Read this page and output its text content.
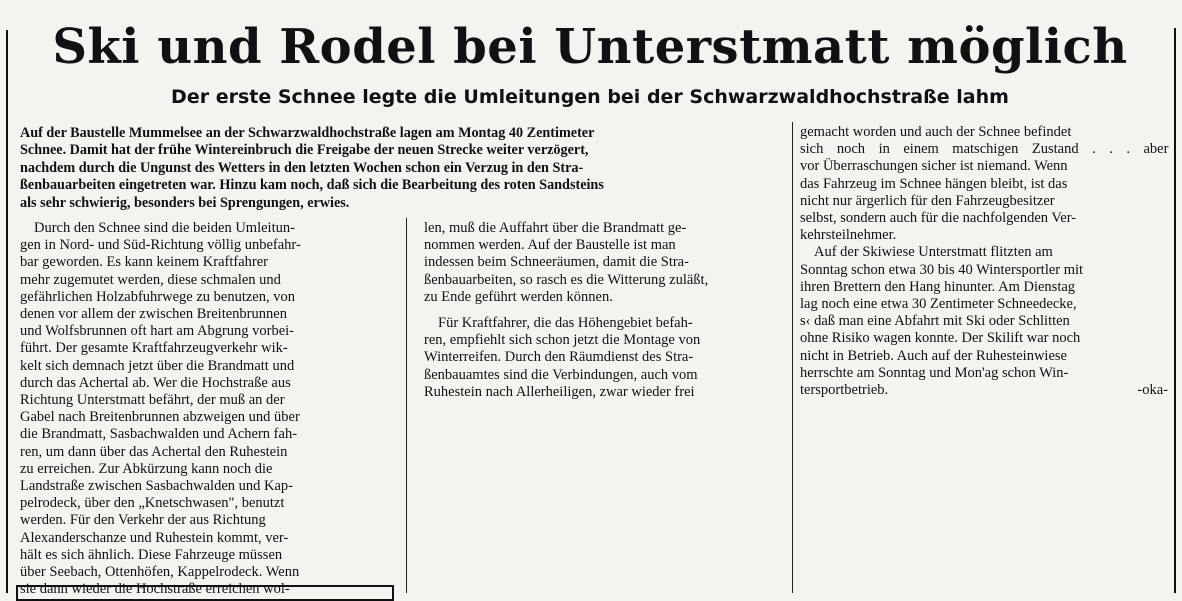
Ski und Rodel bei Unterstmatt möglich
Der erste Schnee legte die Umleitungen bei der Schwarzwaldhochstraße lahm
Auf der Baustelle Mummelsee an der Schwarzwaldhochstraße lagen am Montag 40 Zentimeter
Schnee. Damit hat der frühe Wintereinbruch die Freigabe der neuen Strecke weiter verzögert,
nachdem durch die Ungunst des Wetters in den letzten Wochen schon ein Verzug in den Stra-
ßenbauarbeiten eingetreten war. Hinzu kam noch, daß sich die Bearbeitung des roten Sandsteins
als sehr schwierig, besonders bei Sprengungen, erwies.
Durch den Schnee sind die beiden Umleitun-
gen in Nord- und Süd-Richtung völlig unbefahr-
bar geworden. Es kann keinem Kraftfahrer
mehr zugemutet werden, diese schmalen und
gefährlichen Holzabfuhrwege zu benutzen, von
denen vor allem der zwischen Breitenbrunnen
und Wolfsbrunnen oft hart am Abgrung vorbei-
führt. Der gesamte Kraftfahrzeugverkehr wik-
kelt sich demnach jetzt über die Brandmatt und
durch das Achertal ab. Wer die Hochstraße aus
Richtung Unterstmatt befährt, der muß an der
Gabel nach Breitenbrunnen abzweigen und über
die Brandmatt, Sasbachwalden und Achern fah-
ren, um dann über das Achertal den Ruhestein
zu erreichen. Zur Abkürzung kann noch die
Landstraße zwischen Sasbachwalden und Kap-
pelrodeck, über den „Knetschwasen", benutzt
werden. Für den Verkehr der aus Richtung
Alexanderschanze und Ruhestein kommt, ver-
hält es sich ähnlich. Diese Fahrzeuge müssen
über Seebach, Ottenhöfen, Kappelrodeck. Wenn
sie dann wieder die Hochstraße erreichen wol-
len, muß die Auffahrt über die Brandmatt ge-
nommen werden. Auf der Baustelle ist man
indessen beim Schneeräumen, damit die Stra-
ßenbauarbeiten, so rasch es die Witterung zuläßt,
zu Ende geführt werden können.

Für Kraftfahrer, die das Höhengebiet befah-
ren, empfiehlt sich schon jetzt die Montage von
Winterreifen. Durch den Räumdienst des Stra-
ßenbauamtes sind die Verbindungen, auch vom
Ruhestein nach Allerheiligen, zwar wieder frei
gemacht worden und auch der Schnee befindet
sich noch in einem matschigen Zustand . . . aber
vor Überraschungen sicher ist niemand. Wenn
das Fahrzeug im Schnee hängen bleibt, ist das
nicht nur ärgerlich für den Fahrzeugbesitzer
selbst, sondern auch für die nachfolgenden Ver-
kehrsteilnehmer.
Auf der Skiwiese Unterstmatt flitzten am
Sonntag schon etwa 30 bis 40 Wintersportler mit
ihren Brettern den Hang hinunter. Am Dienstag
lag noch eine etwa 30 Zentimeter Schneedecke,
s‹ daß man eine Abfahrt mit Ski oder Schlitten
ohne Risiko wagen konnte. Der Skilift war noch
nicht in Betrieb. Auch auf der Ruhesteinwiese
herrschte am Sonntag und Mon'ag schon Win-
tersportbetrieb.	-oka-
